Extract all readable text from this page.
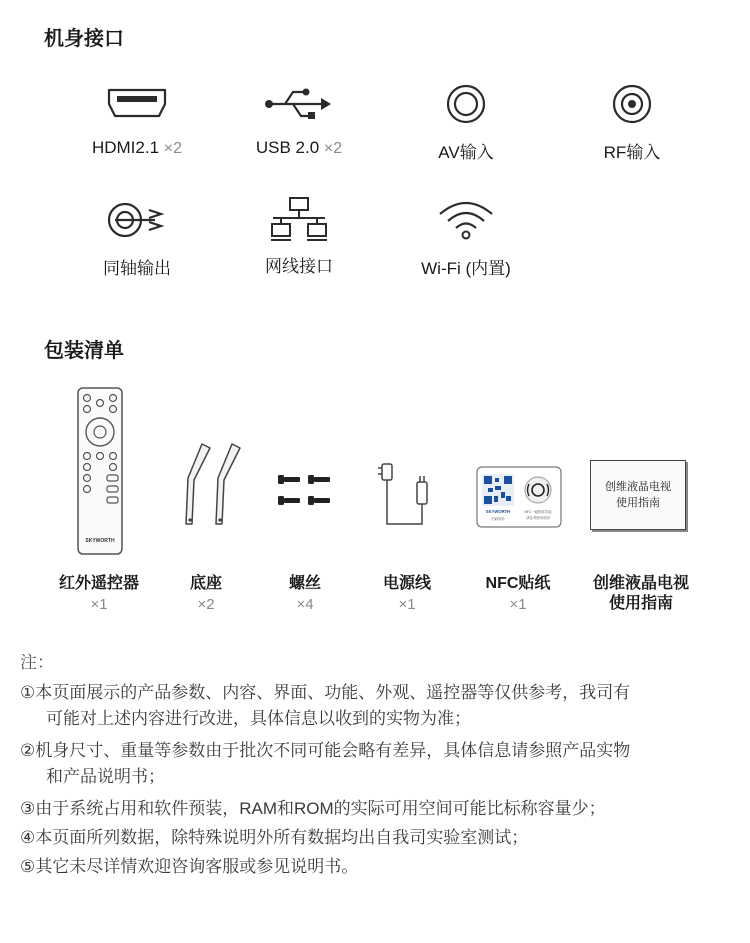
机身接口
HDMI2.1 ×2	USB 2.0 ×2	AV输入	RF输入
同轴输出	网线接口	Wi-Fi (内置)
包装清单
SKYWORTH
SKYWORTH
扫码体验
NFC一碰投屏功能
请参考使用说明
创维液晶电视
使用指南
红外遥控器
×1
底座
×2
螺丝
×4
电源线
×1
NFC贴纸
×1
创维液晶电视
使用指南
注：
①本页面展示的产品参数、内容、界面、功能、外观、遥控器等仅供参考，我司有
可能对上述内容进行改进，具体信息以收到的实物为准；
②机身尺寸、重量等参数由于批次不同可能会略有差异，具体信息请参照产品实物
和产品说明书；
③由于系统占用和软件预装，RAM和ROM的实际可用空间可能比标称容量少；
④本页面所列数据，除特殊说明外所有数据均出自我司实验室测试；
⑤其它未尽详情欢迎咨询客服或参见说明书。
